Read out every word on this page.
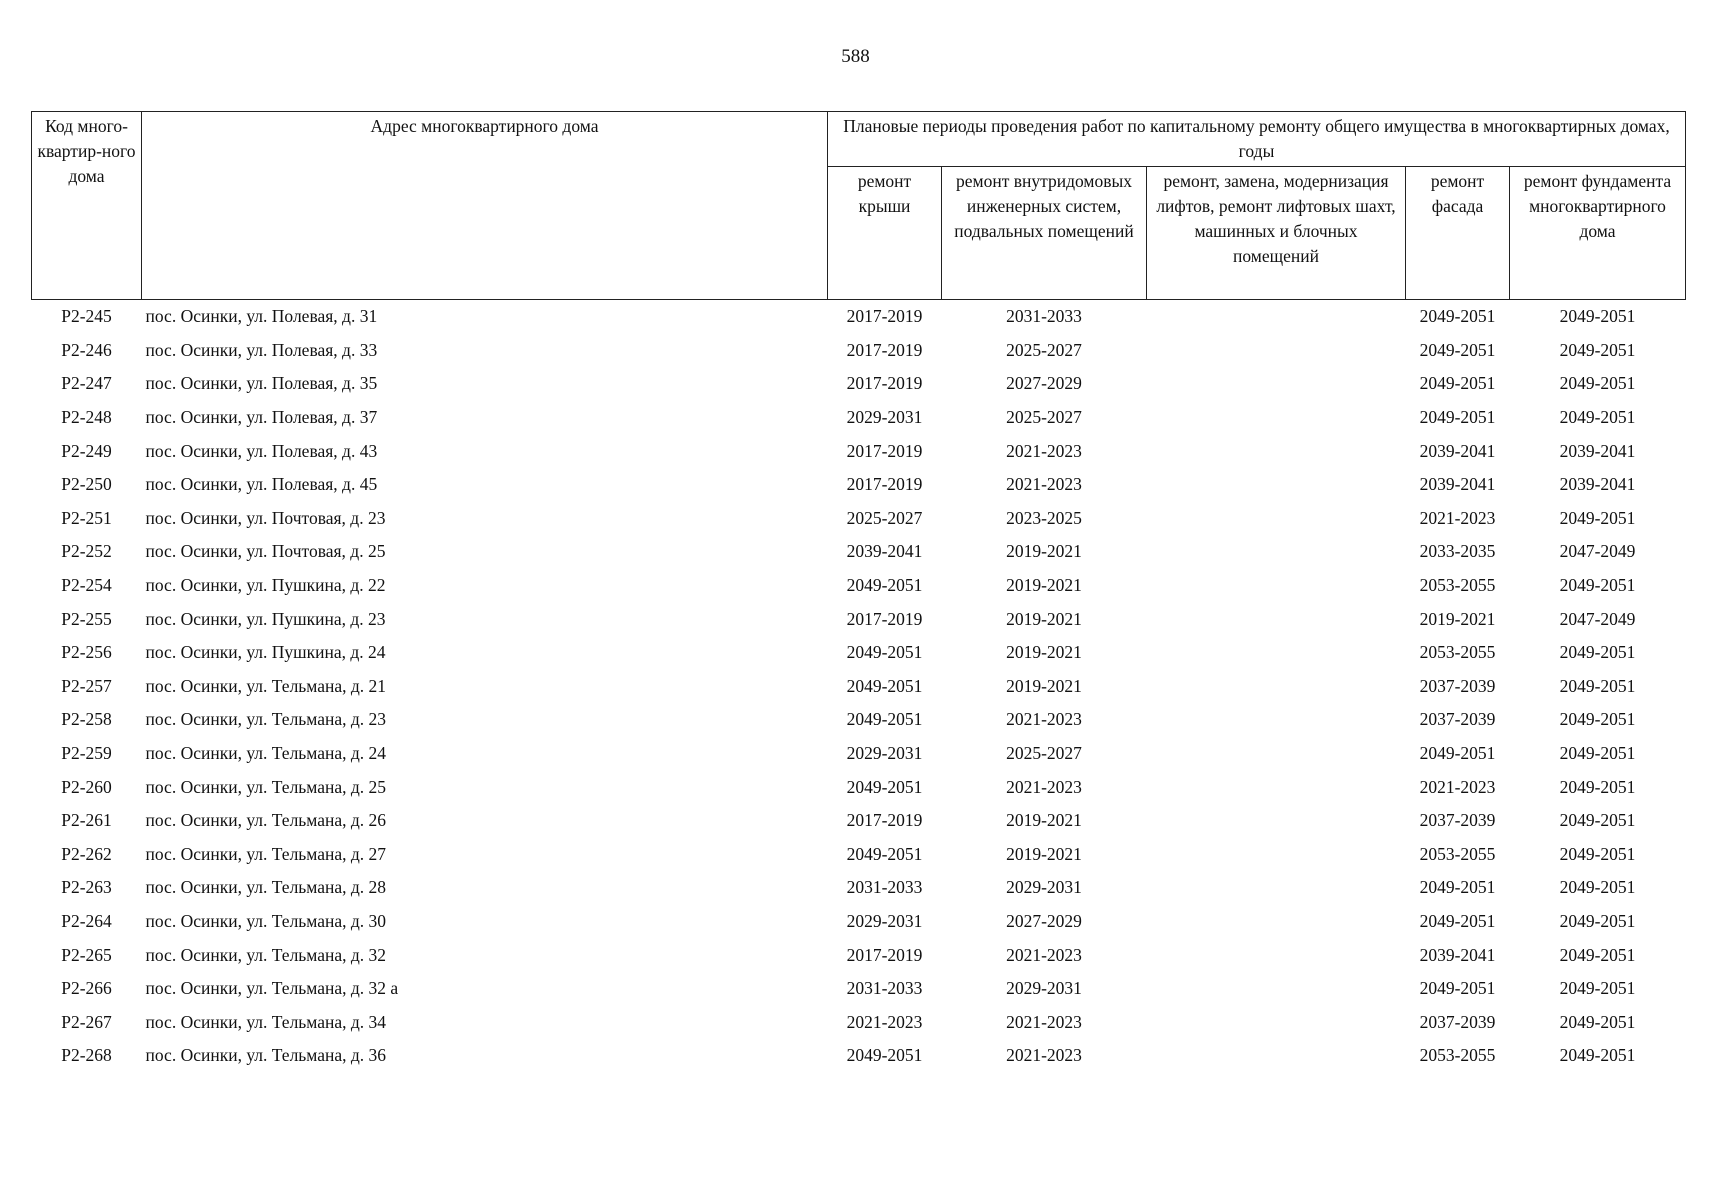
588
Код много-квартир-ного дома	Адрес многоквартирного дома	Плановые периоды проведения работ по капитальному ремонту общего имущества в многоквартирных домах, годы				
		ремонт крыши	ремонт внутридомовых инженерных систем, подвальных помещений	ремонт, замена, модернизация лифтов, ремонт лифтовых шахт, машинных и блочных помещений	ремонт фасада	ремонт фундамента многоквартирного дома
P2-245	пос. Осинки, ул. Полевая, д. 31	2017-2019	2031-2033		2049-2051	2049-2051
P2-246	пос. Осинки, ул. Полевая, д. 33	2017-2019	2025-2027		2049-2051	2049-2051
P2-247	пос. Осинки, ул. Полевая, д. 35	2017-2019	2027-2029		2049-2051	2049-2051
P2-248	пос. Осинки, ул. Полевая, д. 37	2029-2031	2025-2027		2049-2051	2049-2051
P2-249	пос. Осинки, ул. Полевая, д. 43	2017-2019	2021-2023		2039-2041	2039-2041
P2-250	пос. Осинки, ул. Полевая, д. 45	2017-2019	2021-2023		2039-2041	2039-2041
P2-251	пос. Осинки, ул. Почтовая, д. 23	2025-2027	2023-2025		2021-2023	2049-2051
P2-252	пос. Осинки, ул. Почтовая, д. 25	2039-2041	2019-2021		2033-2035	2047-2049
P2-254	пос. Осинки, ул. Пушкина, д. 22	2049-2051	2019-2021		2053-2055	2049-2051
P2-255	пос. Осинки, ул. Пушкина, д. 23	2017-2019	2019-2021		2019-2021	2047-2049
P2-256	пос. Осинки, ул. Пушкина, д. 24	2049-2051	2019-2021		2053-2055	2049-2051
P2-257	пос. Осинки, ул. Тельмана, д. 21	2049-2051	2019-2021		2037-2039	2049-2051
P2-258	пос. Осинки, ул. Тельмана, д. 23	2049-2051	2021-2023		2037-2039	2049-2051
P2-259	пос. Осинки, ул. Тельмана, д. 24	2029-2031	2025-2027		2049-2051	2049-2051
P2-260	пос. Осинки, ул. Тельмана, д. 25	2049-2051	2021-2023		2021-2023	2049-2051
P2-261	пос. Осинки, ул. Тельмана, д. 26	2017-2019	2019-2021		2037-2039	2049-2051
P2-262	пос. Осинки, ул. Тельмана, д. 27	2049-2051	2019-2021		2053-2055	2049-2051
P2-263	пос. Осинки, ул. Тельмана, д. 28	2031-2033	2029-2031		2049-2051	2049-2051
P2-264	пос. Осинки, ул. Тельмана, д. 30	2029-2031	2027-2029		2049-2051	2049-2051
P2-265	пос. Осинки, ул. Тельмана, д. 32	2017-2019	2021-2023		2039-2041	2049-2051
P2-266	пос. Осинки, ул. Тельмана, д. 32 а	2031-2033	2029-2031		2049-2051	2049-2051
P2-267	пос. Осинки, ул. Тельмана, д. 34	2021-2023	2021-2023		2037-2039	2049-2051
P2-268	пос. Осинки, ул. Тельмана, д. 36	2049-2051	2021-2023		2053-2055	2049-2051
